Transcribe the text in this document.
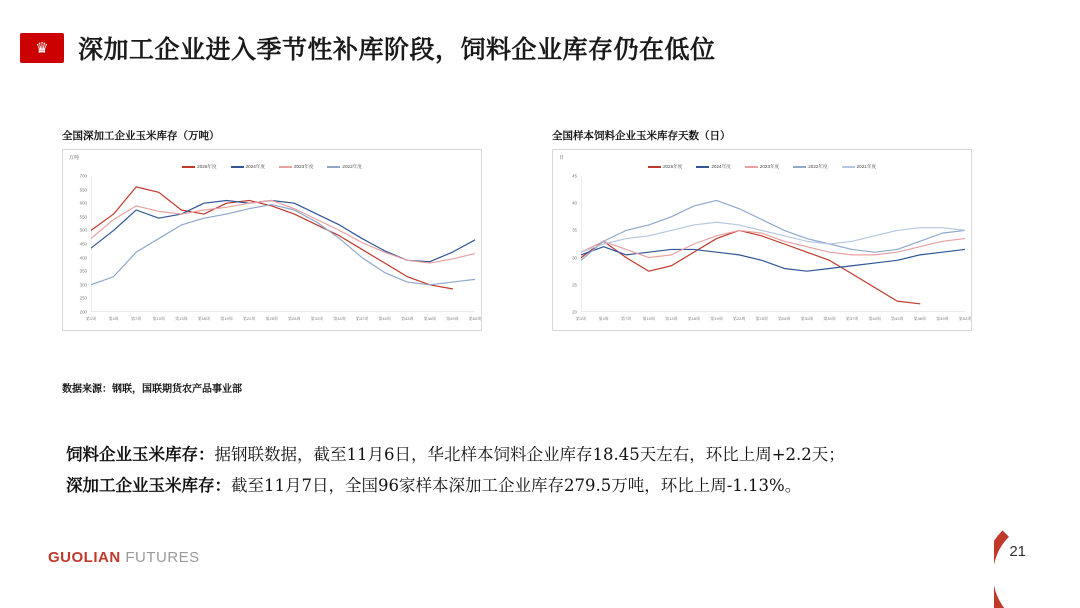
♛	深加工企业进入季节性补库阶段，饲料企业库存仍在低位
全国深加工企业玉米库存（万吨）
万吨
2025年度	2024年度	2023年度	2022年度
200
250
300
350
400
450
500
550
600
650
700
第1周	第4周	第7周	第10周	第13周	第16周	第19周	第22周	第25周	第28周	第31周	第34周	第37周	第40周	第43周	第46周	第49周	第52周
全国样本饲料企业玉米库存天数（日）
日
2025年度	2024年度	2023年度	2022年度	2021年度
20
25
30
35
40
45
第1周	第4周	第7周	第10周	第13周	第16周	第19周	第22周	第25周	第28周	第31周	第34周	第37周	第40周	第43周	第46周	第49周	第52周
数据来源：钢联，国联期货农产品事业部
饲料企业玉米库存：据钢联数据，截至11月6日，华北样本饲料企业库存18.45天左右，环比上周+2.2天；
深加工企业玉米库存：截至11月7日，全国96家样本深加工企业库存279.5万吨，环比上周-1.13%。
GUOLIAN FUTURES	21
